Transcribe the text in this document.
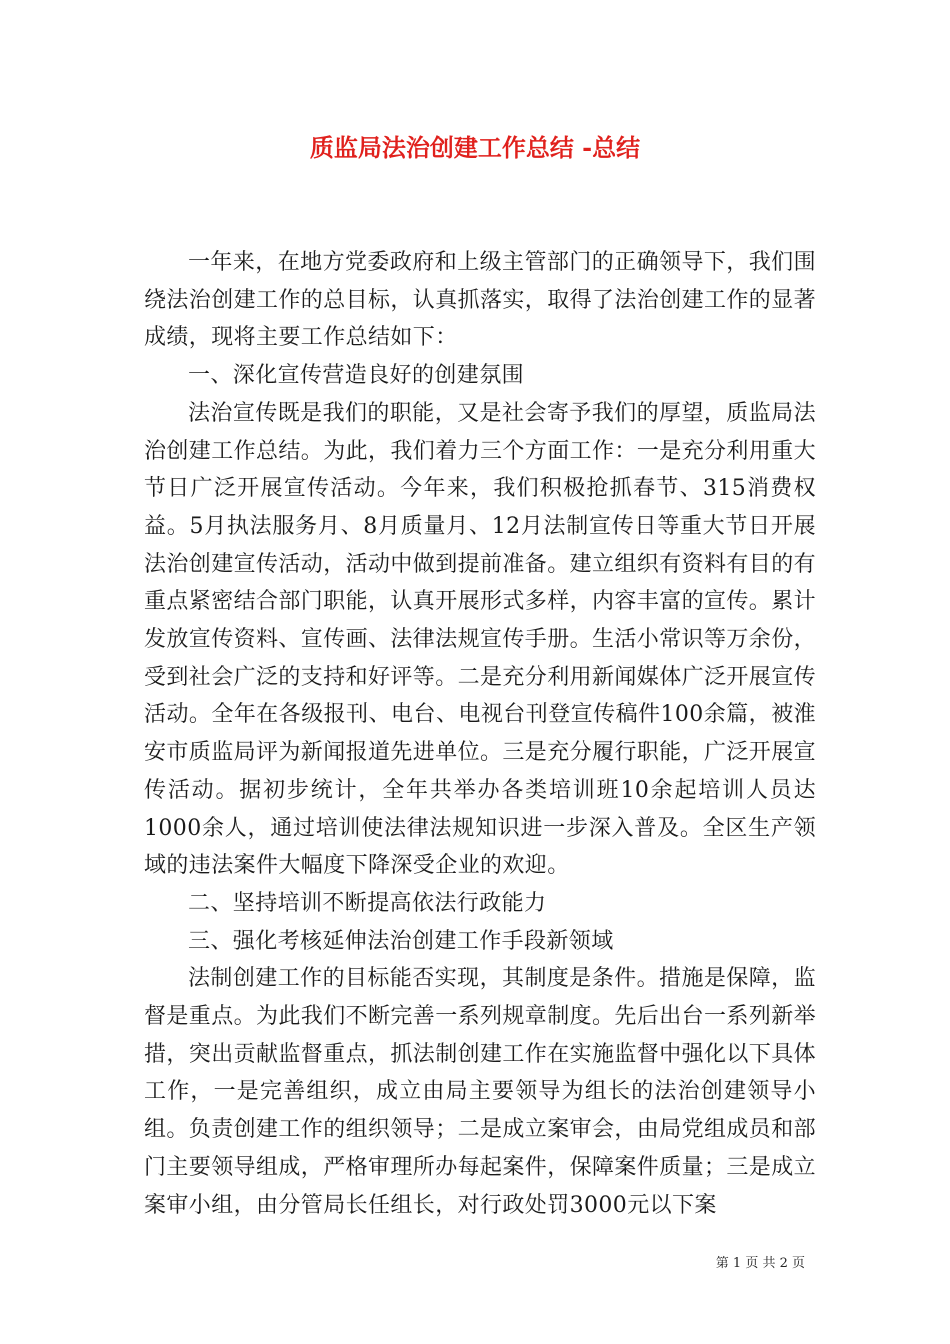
质监局法治创建工作总结 -总结

一年来，在地方党委政府和上级主管部门的正确领导下，我们围绕法治创建工作的总目标，认真抓落实，取得了法治创建工作的显著成绩，现将主要工作总结如下：

一、深化宣传营造良好的创建氛围

法治宣传既是我们的职能，又是社会寄予我们的厚望，质监局法治创建工作总结。为此，我们着力三个方面工作：一是充分利用重大节日广泛开展宣传活动。今年来，我们积极抢抓春节、315消费权益。5月执法服务月、8月质量月、12月法制宣传日等重大节日开展法治创建宣传活动，活动中做到提前准备。建立组织有资料有目的有重点紧密结合部门职能，认真开展形式多样，内容丰富的宣传。累计发放宣传资料、宣传画、法律法规宣传手册。生活小常识等万余份，受到社会广泛的支持和好评等。二是充分利用新闻媒体广泛开展宣传活动。全年在各级报刊、电台、电视台刊登宣传稿件100余篇，被淮安市质监局评为新闻报道先进单位。三是充分履行职能，广泛开展宣传活动。据初步统计，全年共举办各类培训班10余起培训人员达1000余人，通过培训使法律法规知识进一步深入普及。全区生产领域的违法案件大幅度下降深受企业的欢迎。

二、坚持培训不断提高依法行政能力

三、强化考核延伸法治创建工作手段新领域

法制创建工作的目标能否实现，其制度是条件。措施是保障，监督是重点。为此我们不断完善一系列规章制度。先后出台一系列新举措，突出贡献监督重点，抓法制创建工作在实施监督中强化以下具体工作，一是完善组织，成立由局主要领导为组长的法治创建领导小组。负责创建工作的组织领导；二是成立案审会，由局党组成员和部门主要领导组成，严格审理所办每起案件，保障案件质量；三是成立案审小组，由分管局长任组长，对行政处罚3000元以下案

第 1 页 共 2 页
